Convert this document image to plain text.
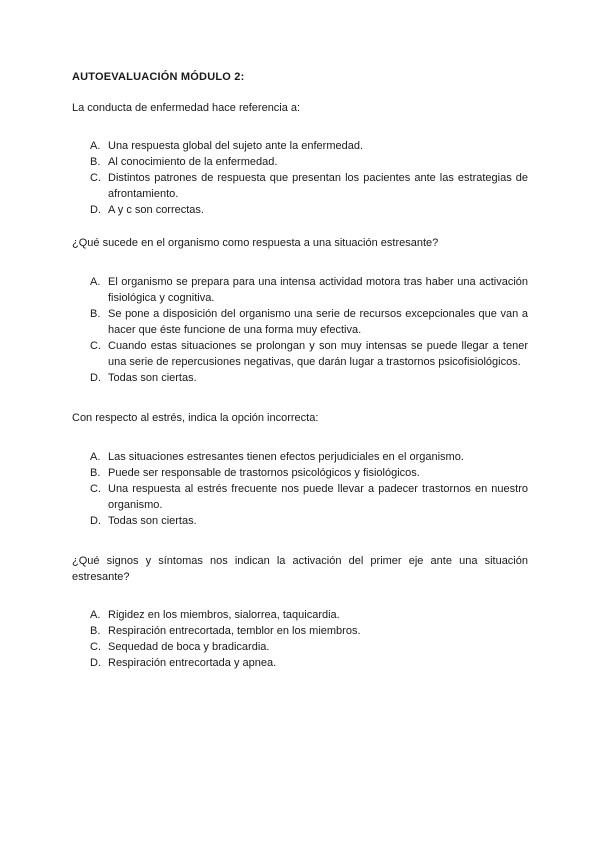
AUTOEVALUACIÓN MÓDULO 2:
La conducta de enfermedad hace referencia a:
A. Una respuesta global del sujeto ante la enfermedad.
B. Al conocimiento de la enfermedad.
C. Distintos patrones de respuesta que presentan los pacientes ante las estrategias de afrontamiento.
D. A y c son correctas.
¿Qué sucede en el organismo como respuesta a una situación estresante?
A. El organismo se prepara para una intensa actividad motora tras haber una activación fisiológica y cognitiva.
B. Se pone a disposición del organismo una serie de recursos excepcionales que van a hacer que éste funcione de una forma muy efectiva.
C. Cuando estas situaciones se prolongan y son muy intensas se puede llegar a tener una serie de repercusiones negativas, que darán lugar a trastornos psicofisiológicos.
D. Todas son ciertas.
Con respecto al estrés, indica la opción incorrecta:
A. Las situaciones estresantes tienen efectos perjudiciales en el organismo.
B. Puede ser responsable de trastornos psicológicos y fisiológicos.
C. Una respuesta al estrés frecuente nos puede llevar a padecer trastornos en nuestro organismo.
D. Todas son ciertas.
¿Qué signos y síntomas nos indican la activación del primer eje ante una situación estresante?
A. Rigidez en los miembros, sialorrea, taquicardia.
B. Respiración entrecortada, temblor en los miembros.
C. Sequedad de boca y bradicardia.
D. Respiración entrecortada y apnea.
